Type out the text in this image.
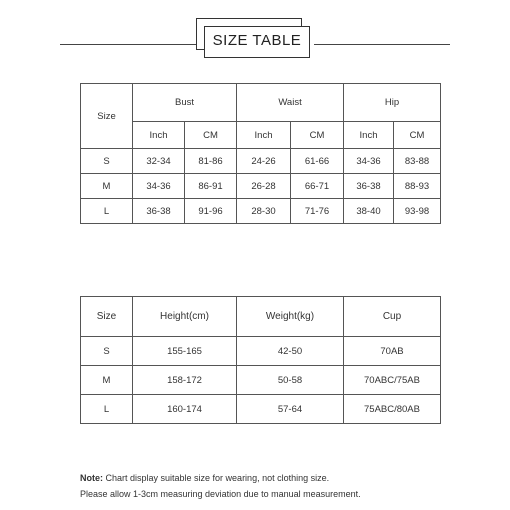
SIZE TABLE
Size	Bust		Waist		Hip	
	Inch	CM	Inch	CM	Inch	CM
S	32-34	81-86	24-26	61-66	34-36	83-88
M	34-36	86-91	26-28	66-71	36-38	88-93
L	36-38	91-96	28-30	71-76	38-40	93-98
Size	Height(cm)	Weight(kg)	Cup
S	155-165	42-50	70AB
M	158-172	50-58	70ABC/75AB
L	160-174	57-64	75ABC/80AB
Note: Chart display suitable size for wearing, not clothing size.
Please allow 1-3cm measuring deviation due to manual measurement.
